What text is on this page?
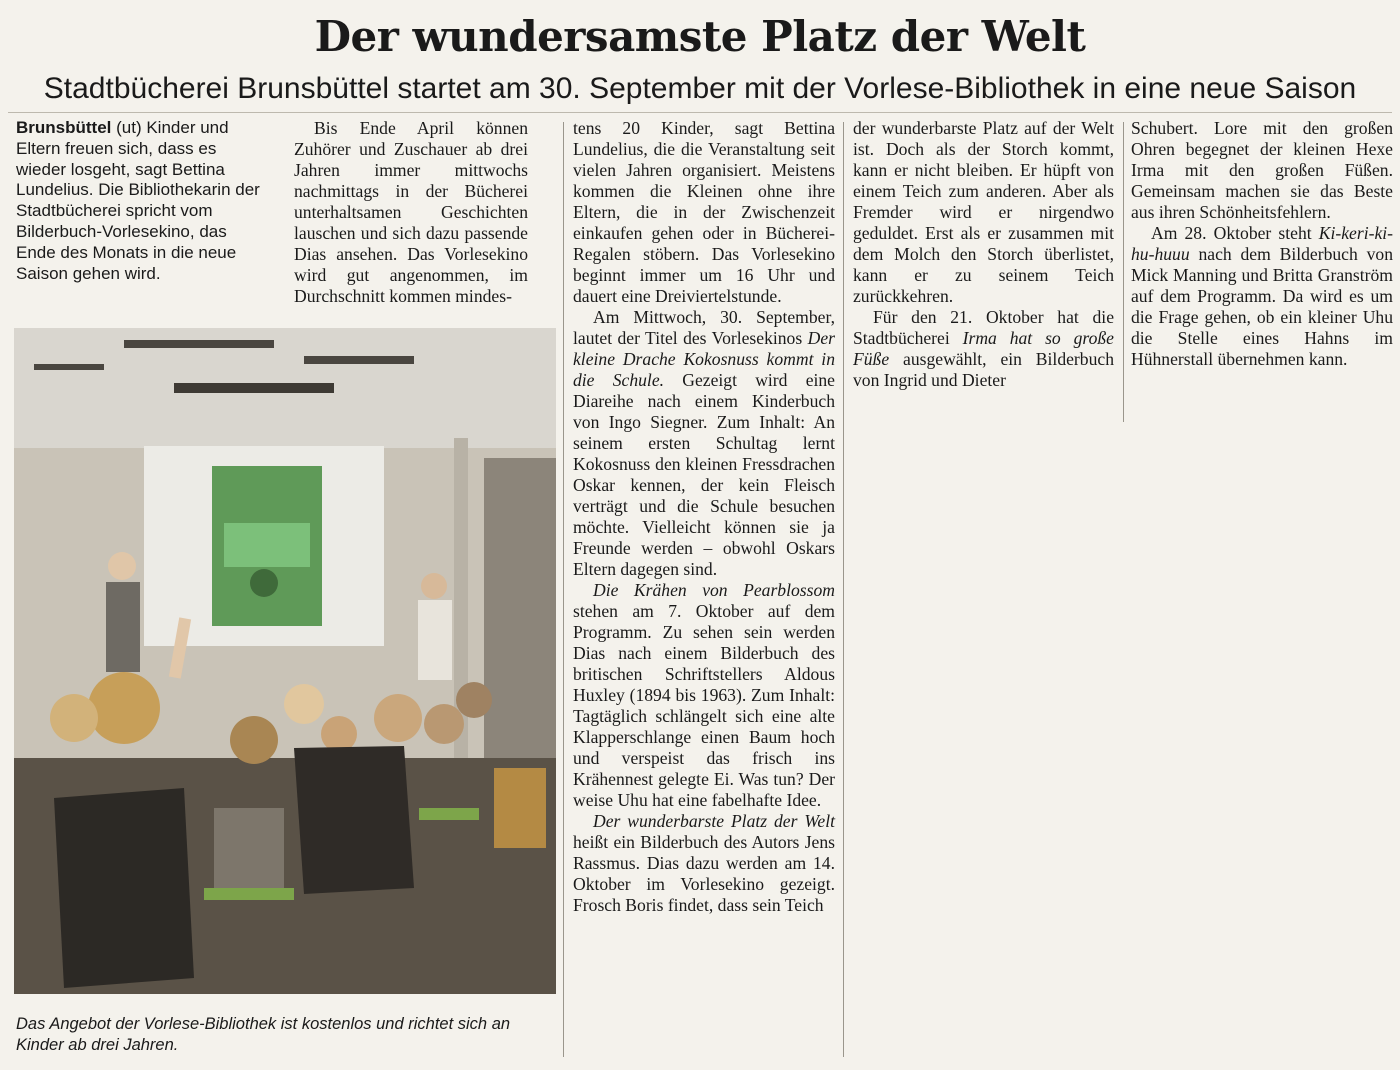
Der wundersamste Platz der Welt
Stadtbücherei Brunsbüttel startet am 30. September mit der Vorlese-Bibliothek in eine neue Saison

Brunsbüttel (ut) Kinder und Eltern freuen sich, dass es wieder losgeht, sagt Bettina Lundelius. Die Bibliothekarin der Stadtbücherei spricht vom Bilderbuch-Vorlesekino, das Ende des Monats in die neue Saison gehen wird.

Bis Ende April können Zuhörer und Zuschauer ab drei Jahren immer mittwochs nachmittags in der Bücherei unterhaltsamen Geschichten lauschen und sich dazu passende Dias ansehen. Das Vorlesekino wird gut angenommen, im Durchschnitt kommen mindes-

Das Angebot der Vorlese-Bibliothek ist kostenlos und richtet sich an Kinder ab drei Jahren.

tens 20 Kinder, sagt Bettina Lundelius, die die Veranstaltung seit vielen Jahren organisiert. Meistens kommen die Kleinen ohne ihre Eltern, die in der Zwischenzeit einkaufen gehen oder in Bücherei-Regalen stöbern. Das Vorlesekino beginnt immer um 16 Uhr und dauert eine Dreiviertelstunde.

Am Mittwoch, 30. September, lautet der Titel des Vorlesekinos Der kleine Drache Kokosnuss kommt in die Schule. Gezeigt wird eine Diareihe nach einem Kinderbuch von Ingo Siegner. Zum Inhalt: An seinem ersten Schultag lernt Kokosnuss den kleinen Fressdrachen Oskar kennen, der kein Fleisch verträgt und die Schule besuchen möchte. Vielleicht können sie ja Freunde werden – obwohl Oskars Eltern dagegen sind.

Die Krähen von Pearblossom stehen am 7. Oktober auf dem Programm. Zu sehen sein werden Dias nach einem Bilderbuch des britischen Schriftstellers Aldous Huxley (1894 bis 1963). Zum Inhalt: Tagtäglich schlängelt sich eine alte Klapperschlange einen Baum hoch und verspeist das frisch ins Krähennest gelegte Ei. Was tun? Der weise Uhu hat eine fabelhafte Idee.

Der wunderbarste Platz der Welt heißt ein Bilderbuch des Autors Jens Rassmus. Dias dazu werden am 14. Oktober im Vorlesekino gezeigt. Frosch Boris findet, dass sein Teich

der wunderbarste Platz auf der Welt ist. Doch als der Storch kommt, kann er nicht bleiben. Er hüpft von einem Teich zum anderen. Aber als Fremder wird er nirgendwo geduldet. Erst als er zusammen mit dem Molch den Storch überlistet, kann er zu seinem Teich zurückkehren.

Für den 21. Oktober hat die Stadtbücherei Irma hat so große Füße ausgewählt, ein Bilderbuch von Ingrid und Dieter

Schubert. Lore mit den großen Ohren begegnet der kleinen Hexe Irma mit den großen Füßen. Gemeinsam machen sie das Beste aus ihren Schönheitsfehlern.

Am 28. Oktober steht Ki-keri-ki-hu-huuu nach dem Bilderbuch von Mick Manning und Britta Granström auf dem Programm. Da wird es um die Frage gehen, ob ein kleiner Uhu die Stelle eines Hahns im Hühnerstall übernehmen kann.
